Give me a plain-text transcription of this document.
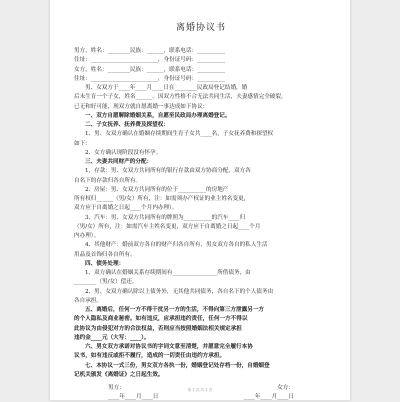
离婚协议书
男方，姓名：________民族：______，联系电话：__________
住址：________________________，身份证号码：__________
女方，姓名：________民族：______，联系电话：__________
住址：________________________，身份证号码：__________
男、女双方于____年____月____日在________民政局登记结婚，婚
后未生育一个子女，姓名______。因双方性格不合无法共同生活，夫妻感情完全破裂，
已无和好可能，现双方就自愿离婚一事达成如下协议：
一、双方自愿解除婚姻关系，自愿至民政局办理离婚登记。
二、子女抚养、抚养费及探望权：
1、男、女双方确认在婚姻存续期间生育子女共____名，子女抚养费和探望权
如下：
2、女方确认现阶段没有怀孕。
三、夫妻共同财产的分配：
1，存款：男、女双方共同所有的银行存款由双方协商分配，双方各
自名下的存款归各自所有。
2、房屋：男、女双方共同所有的位于__________的房地产
所有权归______（男/女）所有，注：如需须办产权证的业主姓名变更，
双方应于自离婚之日起____个月内办理）。
3、汽车：男、女双方共同所有的牌照为__________的汽车____归
（男/女）所有，注：如需汽车主姓名变更，双方应于自离婚之日起____个月
内办理）。
4、其他财产：婚前双方各自的财产归各自所有，男女双方各自的私人生活
用品及首饰归各自所有。
四、债务处理：
1、双方确认在婚姻关系存续期间有________________所借债务，由
________（男/女）偿还。
2、男、女双方确认除以上债务外，无其他共同债务，各自名下的个人债务由
各自承担。
五、离婚后，任何一方不得干扰另一方的生活，不得向第三方泄露另一方
的个人隐私及商业秘密。如有违反，应承担违约责任，任何一方不得以
此协议为由侵犯对方的合法权益，否则应当按照婚姻法相关规定承担
违约金____元（大写：____）。
六、男女双方承诺对协议书的字词文意至清楚，并愿意完全履行本协
议书，如有违反或拒不履行，造成的一切责任由违约方承担。
七、本协议一式三份，男女双方各执一份，婚姻登记处存档一份，自婚姻登
记机关颁发《离婚证》之日起生效。
男方：	女方：
____年____月____日	____年____月____日
第 1 页 共 1 页
